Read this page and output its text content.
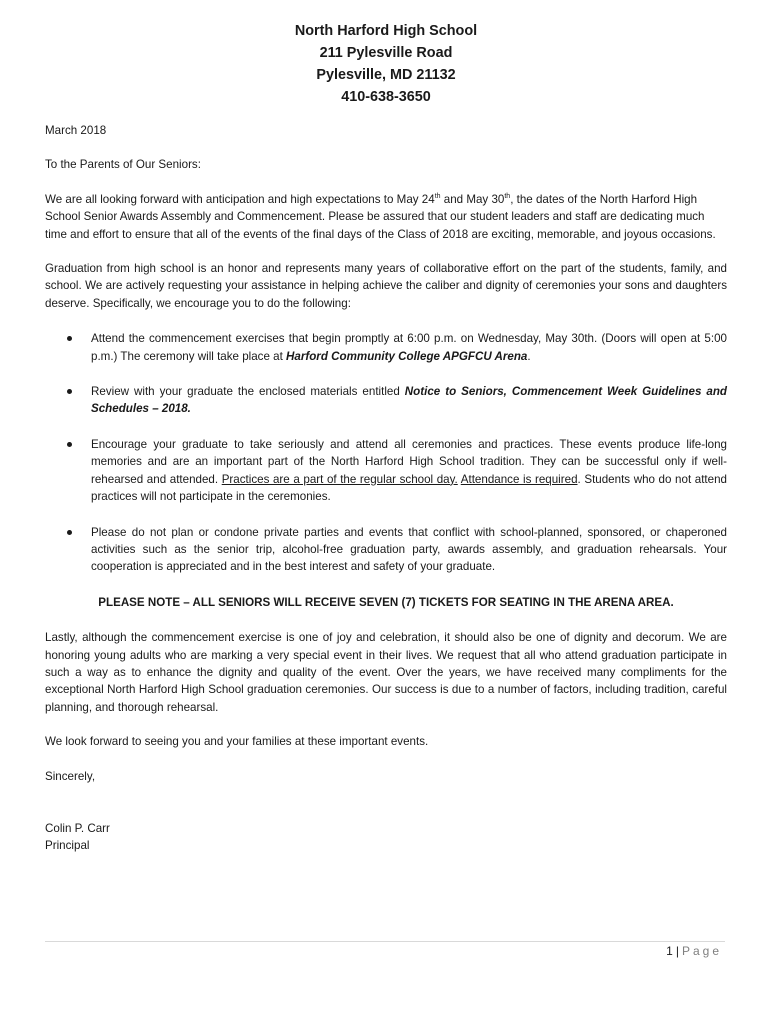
North Harford High School
211 Pylesville Road
Pylesville, MD 21132
410-638-3650

March 2018

To the Parents of Our Seniors:

We are all looking forward with anticipation and high expectations to May 24th and May 30th, the dates of the North Harford High School Senior Awards Assembly and Commencement. Please be assured that our student leaders and staff are dedicating much time and effort to ensure that all of the events of the final days of the Class of 2018 are exciting, memorable, and joyous occasions.

Graduation from high school is an honor and represents many years of collaborative effort on the part of the students, family, and school. We are actively requesting your assistance in helping achieve the caliber and dignity of ceremonies your sons and daughters deserve. Specifically, we encourage you to do the following:

Attend the commencement exercises that begin promptly at 6:00 p.m. on Wednesday, May 30th. (Doors will open at 5:00 p.m.) The ceremony will take place at Harford Community College APGFCU Arena.
Review with your graduate the enclosed materials entitled Notice to Seniors, Commencement Week Guidelines and Schedules – 2018.
Encourage your graduate to take seriously and attend all ceremonies and practices. These events produce life-long memories and are an important part of the North Harford High School tradition. They can be successful only if well-rehearsed and attended. Practices are a part of the regular school day. Attendance is required. Students who do not attend practices will not participate in the ceremonies.
Please do not plan or condone private parties and events that conflict with school-planned, sponsored, or chaperoned activities such as the senior trip, alcohol-free graduation party, awards assembly, and graduation rehearsals. Your cooperation is appreciated and in the best interest and safety of your graduate.

PLEASE NOTE – ALL SENIORS WILL RECEIVE SEVEN (7) TICKETS FOR SEATING IN THE ARENA AREA.

Lastly, although the commencement exercise is one of joy and celebration, it should also be one of dignity and decorum. We are honoring young adults who are marking a very special event in their lives. We request that all who attend graduation participate in such a way as to enhance the dignity and quality of the event. Over the years, we have received many compliments for the exceptional North Harford High School graduation ceremonies. Our success is due to a number of factors, including tradition, careful planning, and thorough rehearsal.

We look forward to seeing you and your families at these important events.

Sincerely,

Colin P. Carr
Principal
1 | Page
